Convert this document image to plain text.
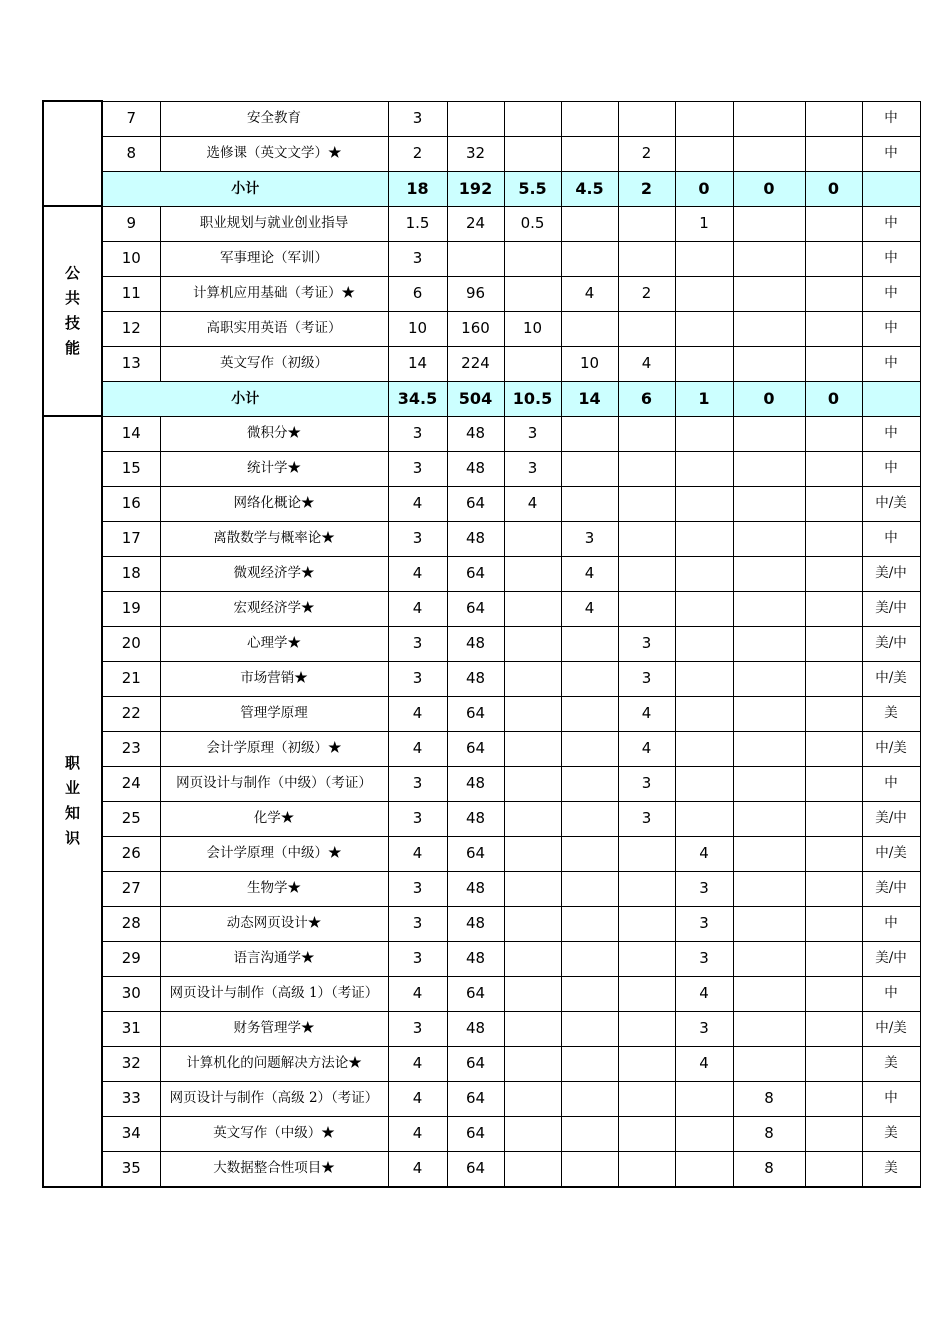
	7	安全教育	3								中
	8	选修课（英文文学）★	2	32			2				中
	小计		18	192	5.5	4.5	2	0	0	0	
公共技能	9	职业规划与就业创业指导	1.5	24	0.5			1			中
	10	军事理论（军训）	3								中
	11	计算机应用基础（考证）★	6	96		4	2				中
	12	高职实用英语（考证）	10	160	10						中
	13	英文写作（初级）	14	224		10	4				中
	小计		34.5	504	10.5	14	6	1	0	0	
职业知识	14	微积分★	3	48	3						中
	15	统计学★	3	48	3						中
	16	网络化概论★	4	64	4						中/美
	17	离散数学与概率论★	3	48		3					中
	18	微观经济学★	4	64		4					美/中
	19	宏观经济学★	4	64		4					美/中
	20	心理学★	3	48			3				美/中
	21	市场营销★	3	48			3				中/美
	22	管理学原理	4	64			4				美
	23	会计学原理（初级）★	4	64			4				中/美
	24	网页设计与制作（中级）（考证）	3	48			3				中
	25	化学★	3	48			3				美/中
	26	会计学原理（中级）★	4	64				4			中/美
	27	生物学★	3	48				3			美/中
	28	动态网页设计★	3	48				3			中
	29	语言沟通学★	3	48				3			美/中
	30	网页设计与制作（高级 1）（考证）	4	64				4			中
	31	财务管理学★	3	48				3			中/美
	32	计算机化的问题解决方法论★	4	64				4			美
	33	网页设计与制作（高级 2）（考证）	4	64					8		中
	34	英文写作（中级）★	4	64					8		美
	35	大数据整合性项目★	4	64					8		美
